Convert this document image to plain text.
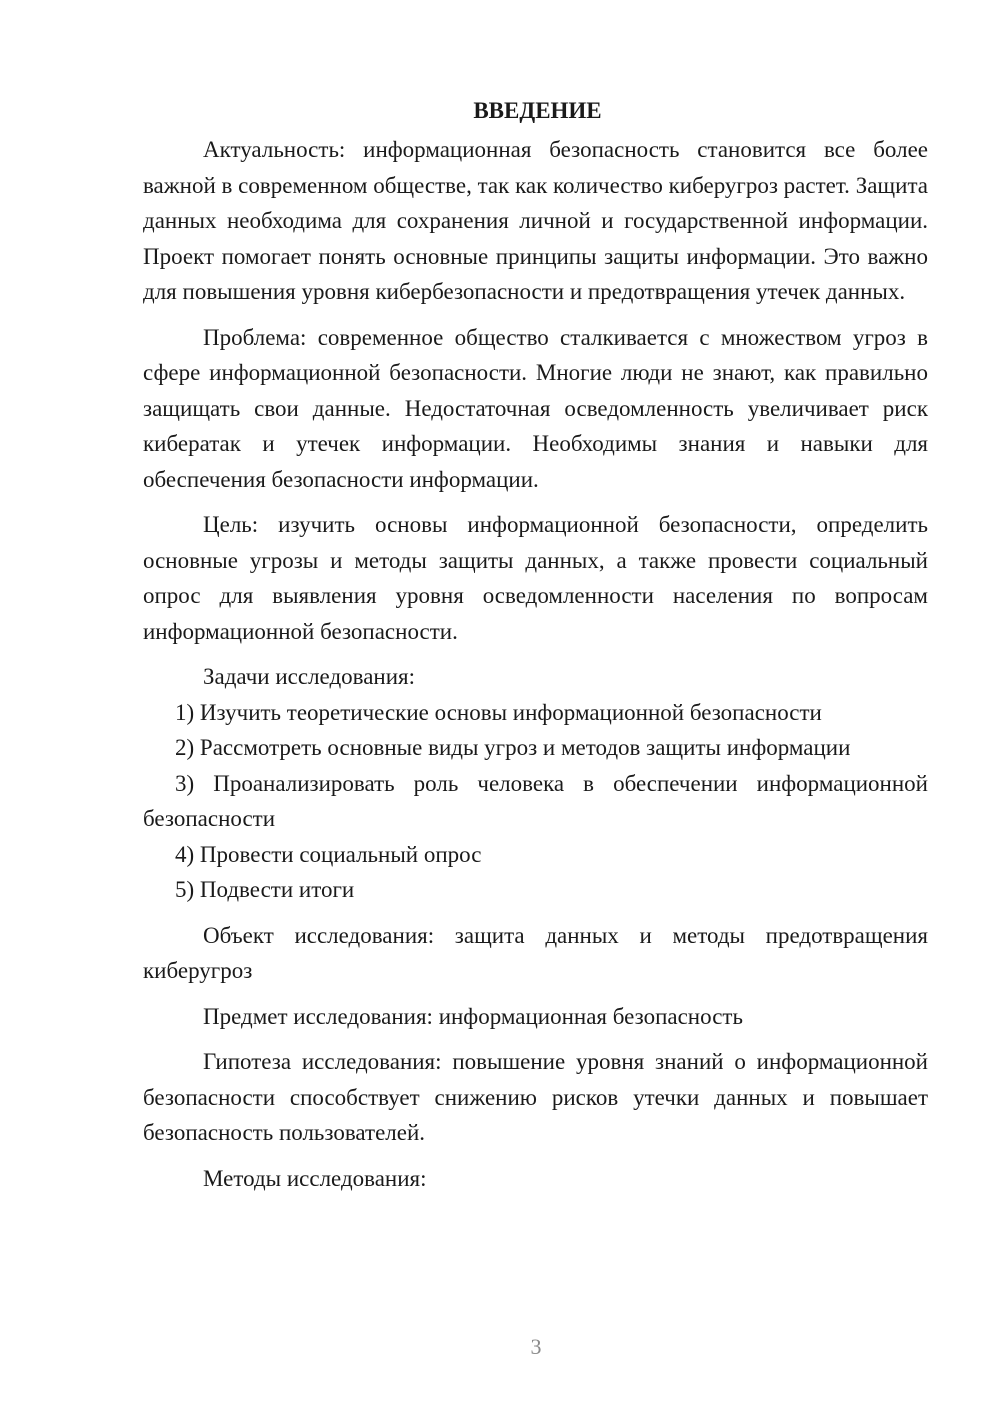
ВВЕДЕНИЕ

Актуальность: информационная безопасность становится все более важной в современном обществе, так как количество киберугроз растет. Защита данных необходима для сохранения личной и государственной информации. Проект помогает понять основные принципы защиты информации. Это важно для повышения уровня кибербезопасности и предотвращения утечек данных.

Проблема: современное общество сталкивается с множеством угроз в сфере информационной безопасности. Многие люди не знают, как правильно защищать свои данные. Недостаточная осведомленность увеличивает риск кибератак и утечек информации. Необходимы знания и навыки для обеспечения безопасности информации.

Цель: изучить основы информационной безопасности, определить основные угрозы и методы защиты данных, а также провести социальный опрос для выявления уровня осведомленности населения по вопросам информационной безопасности.

Задачи исследования:

1) Изучить теоретические основы информационной безопасности

2) Рассмотреть основные виды угроз и методов защиты информации

3) Проанализировать роль человека в обеспечении информационной безопасности

4) Провести социальный опрос

5) Подвести итоги

Объект исследования: защита данных и методы предотвращения киберугроз

Предмет исследования: информационная безопасность

Гипотеза исследования: повышение уровня знаний о информационной безопасности способствует снижению рисков утечки данных и повышает безопасность пользователей.

Методы исследования:

3
